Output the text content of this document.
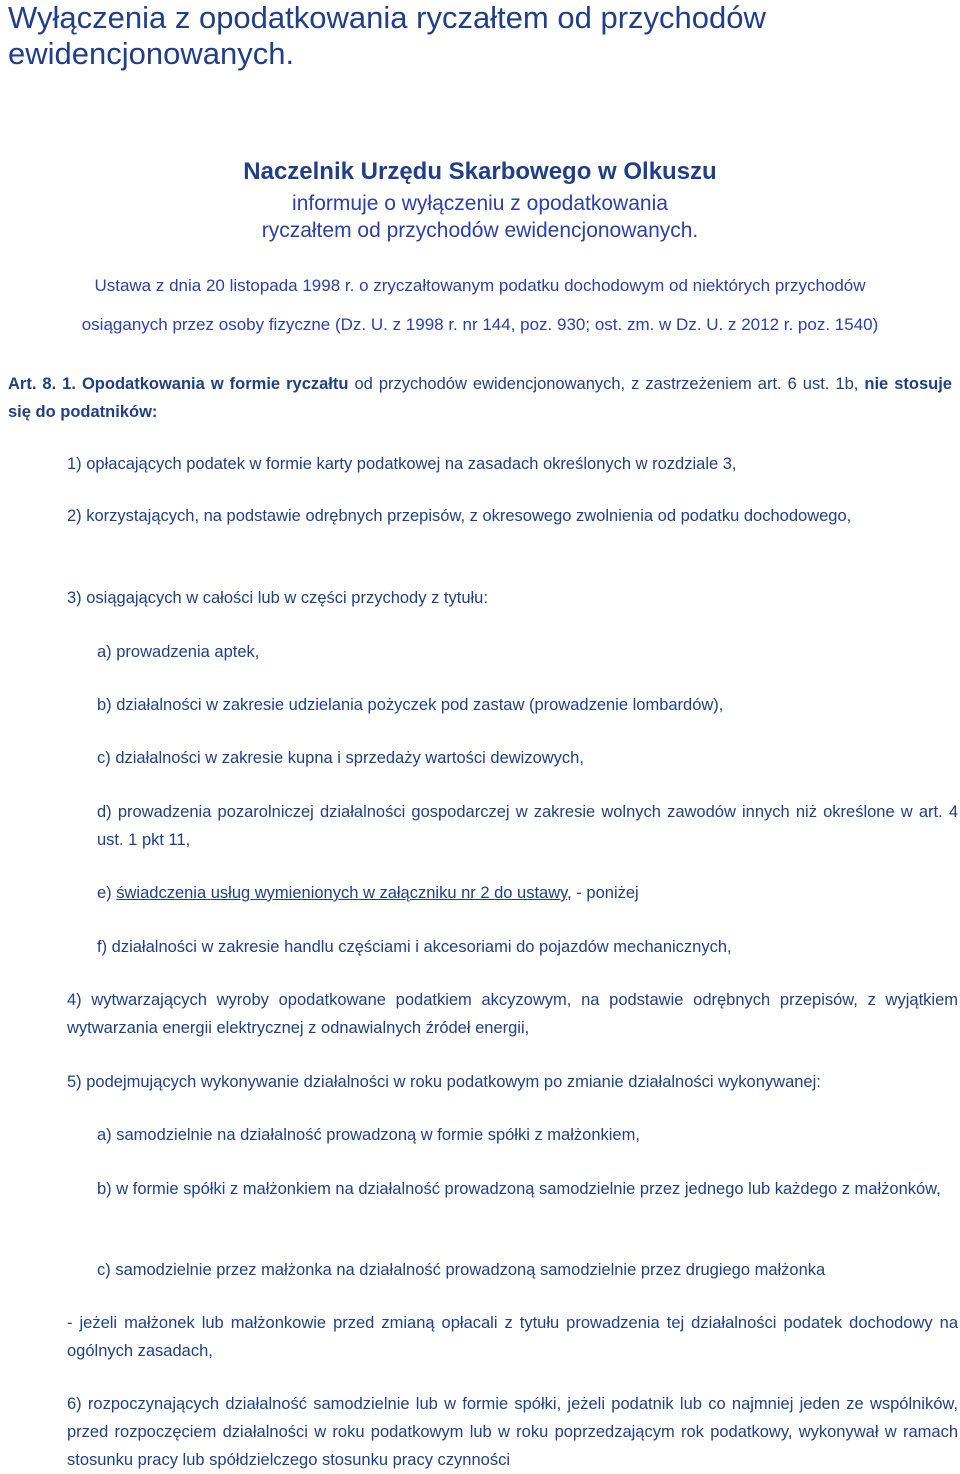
Wyłączenia z opodatkowania ryczałtem od przychodów ewidencjonowanych.
Naczelnik Urzędu Skarbowego w Olkuszu
informuje o wyłączeniu z opodatkowania
ryczałtem od przychodów ewidencjonowanych.
Ustawa z dnia 20 listopada 1998 r. o zryczałtowanym podatku dochodowym od niektórych przychodów
osiąganych przez osoby fizyczne (Dz. U. z 1998 r. nr 144, poz. 930; ost. zm. w Dz. U. z 2012 r. poz. 1540)

Art. 8. 1. Opodatkowania w formie ryczałtu od przychodów ewidencjonowanych, z zastrzeżeniem art. 6 ust. 1b, nie stosuje się do podatników:

1) opłacających podatek w formie karty podatkowej na zasadach określonych w rozdziale 3,

2) korzystających, na podstawie odrębnych przepisów, z okresowego zwolnienia od podatku dochodowego,

3) osiągających w całości lub w części przychody z tytułu:

a) prowadzenia aptek,

b) działalności w zakresie udzielania pożyczek pod zastaw (prowadzenie lombardów),

c) działalności w zakresie kupna i sprzedaży wartości dewizowych,

d) prowadzenia pozarolniczej działalności gospodarczej w zakresie wolnych zawodów innych niż określone w art. 4 ust. 1 pkt 11,

e) świadczenia usług wymienionych w załączniku nr 2 do ustawy, - poniżej

f) działalności w zakresie handlu częściami i akcesoriami do pojazdów mechanicznych,

4) wytwarzających wyroby opodatkowane podatkiem akcyzowym, na podstawie odrębnych przepisów, z wyjątkiem wytwarzania energii elektrycznej z odnawialnych źródeł energii,

5) podejmujących wykonywanie działalności w roku podatkowym po zmianie działalności wykonywanej:

a) samodzielnie na działalność prowadzoną w formie spółki z małżonkiem,

b) w formie spółki z małżonkiem na działalność prowadzoną samodzielnie przez jednego lub każdego z małżonków,

c) samodzielnie przez małżonka na działalność prowadzoną samodzielnie przez drugiego małżonka

- jeżeli małżonek lub małżonkowie przed zmianą opłacali z tytułu prowadzenia tej działalności podatek dochodowy na ogólnych zasadach,

6) rozpoczynających działalność samodzielnie lub w formie spółki, jeżeli podatnik lub co najmniej jeden ze wspólników, przed rozpoczęciem działalności w roku podatkowym lub w roku poprzedzającym rok podatkowy, wykonywał w ramach stosunku pracy lub spółdzielczego stosunku pracy czynności
